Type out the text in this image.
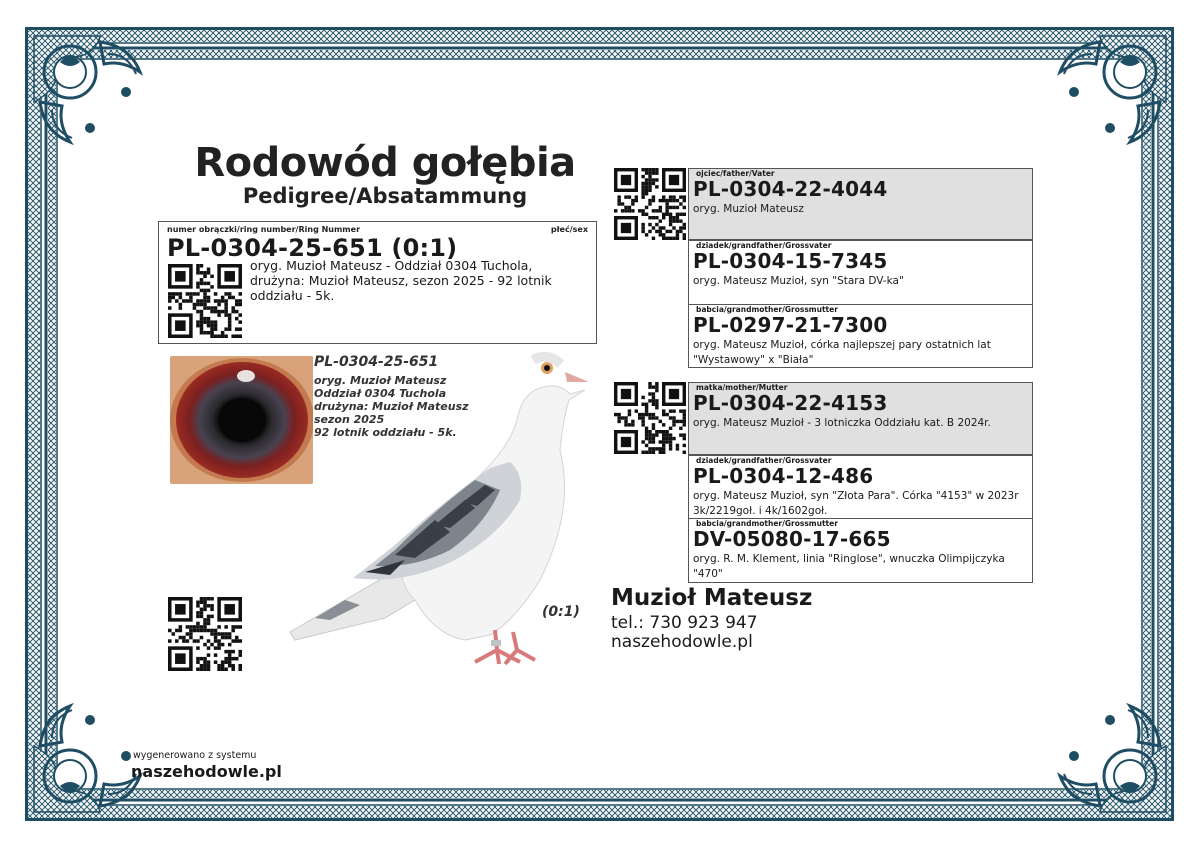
Rodowód gołębia
Pedigree/Absatammung
numer obrączki/ring number/Ring Nummer	płeć/sex
PL-0304-25-651 (0:1)
oryg. Muzioł Mateusz - Oddział 0304 Tuchola, drużyna: Muzioł Mateusz, sezon 2025 - 92 lotnik oddziału - 5k.
PL-0304-25-651
oryg. Muzioł Mateusz
Oddział 0304 Tuchola
drużyna: Muzioł Mateusz
sezon 2025
92 lotnik oddziału - 5k.
(0:1)
ojciec/father/Vater
PL-0304-22-4044
oryg. Muzioł Mateusz
dziadek/grandfather/Grossvater
PL-0304-15-7345
oryg. Mateusz Muzioł, syn "Stara DV-ka"
babcia/grandmother/Grossmutter
PL-0297-21-7300
oryg. Mateusz Muzioł, córka najlepszej pary ostatnich lat "Wystawowy" x "Biała"
matka/mother/Mutter
PL-0304-22-4153
oryg. Mateusz Muzioł - 3 lotniczka Oddziału kat. B 2024r.
dziadek/grandfather/Grossvater
PL-0304-12-486
oryg. Mateusz Muzioł, syn "Złota Para". Córka "4153" w 2023r 3k/2219goł. i 4k/1602goł.
babcia/grandmother/Grossmutter
DV-05080-17-665
oryg. R. M. Klement, linia "Ringlose", wnuczka Olimpijczyka "470"
Muzioł Mateusz
tel.: 730 923 947
naszehodowle.pl
wygenerowano z systemu
naszehodowle.pl
